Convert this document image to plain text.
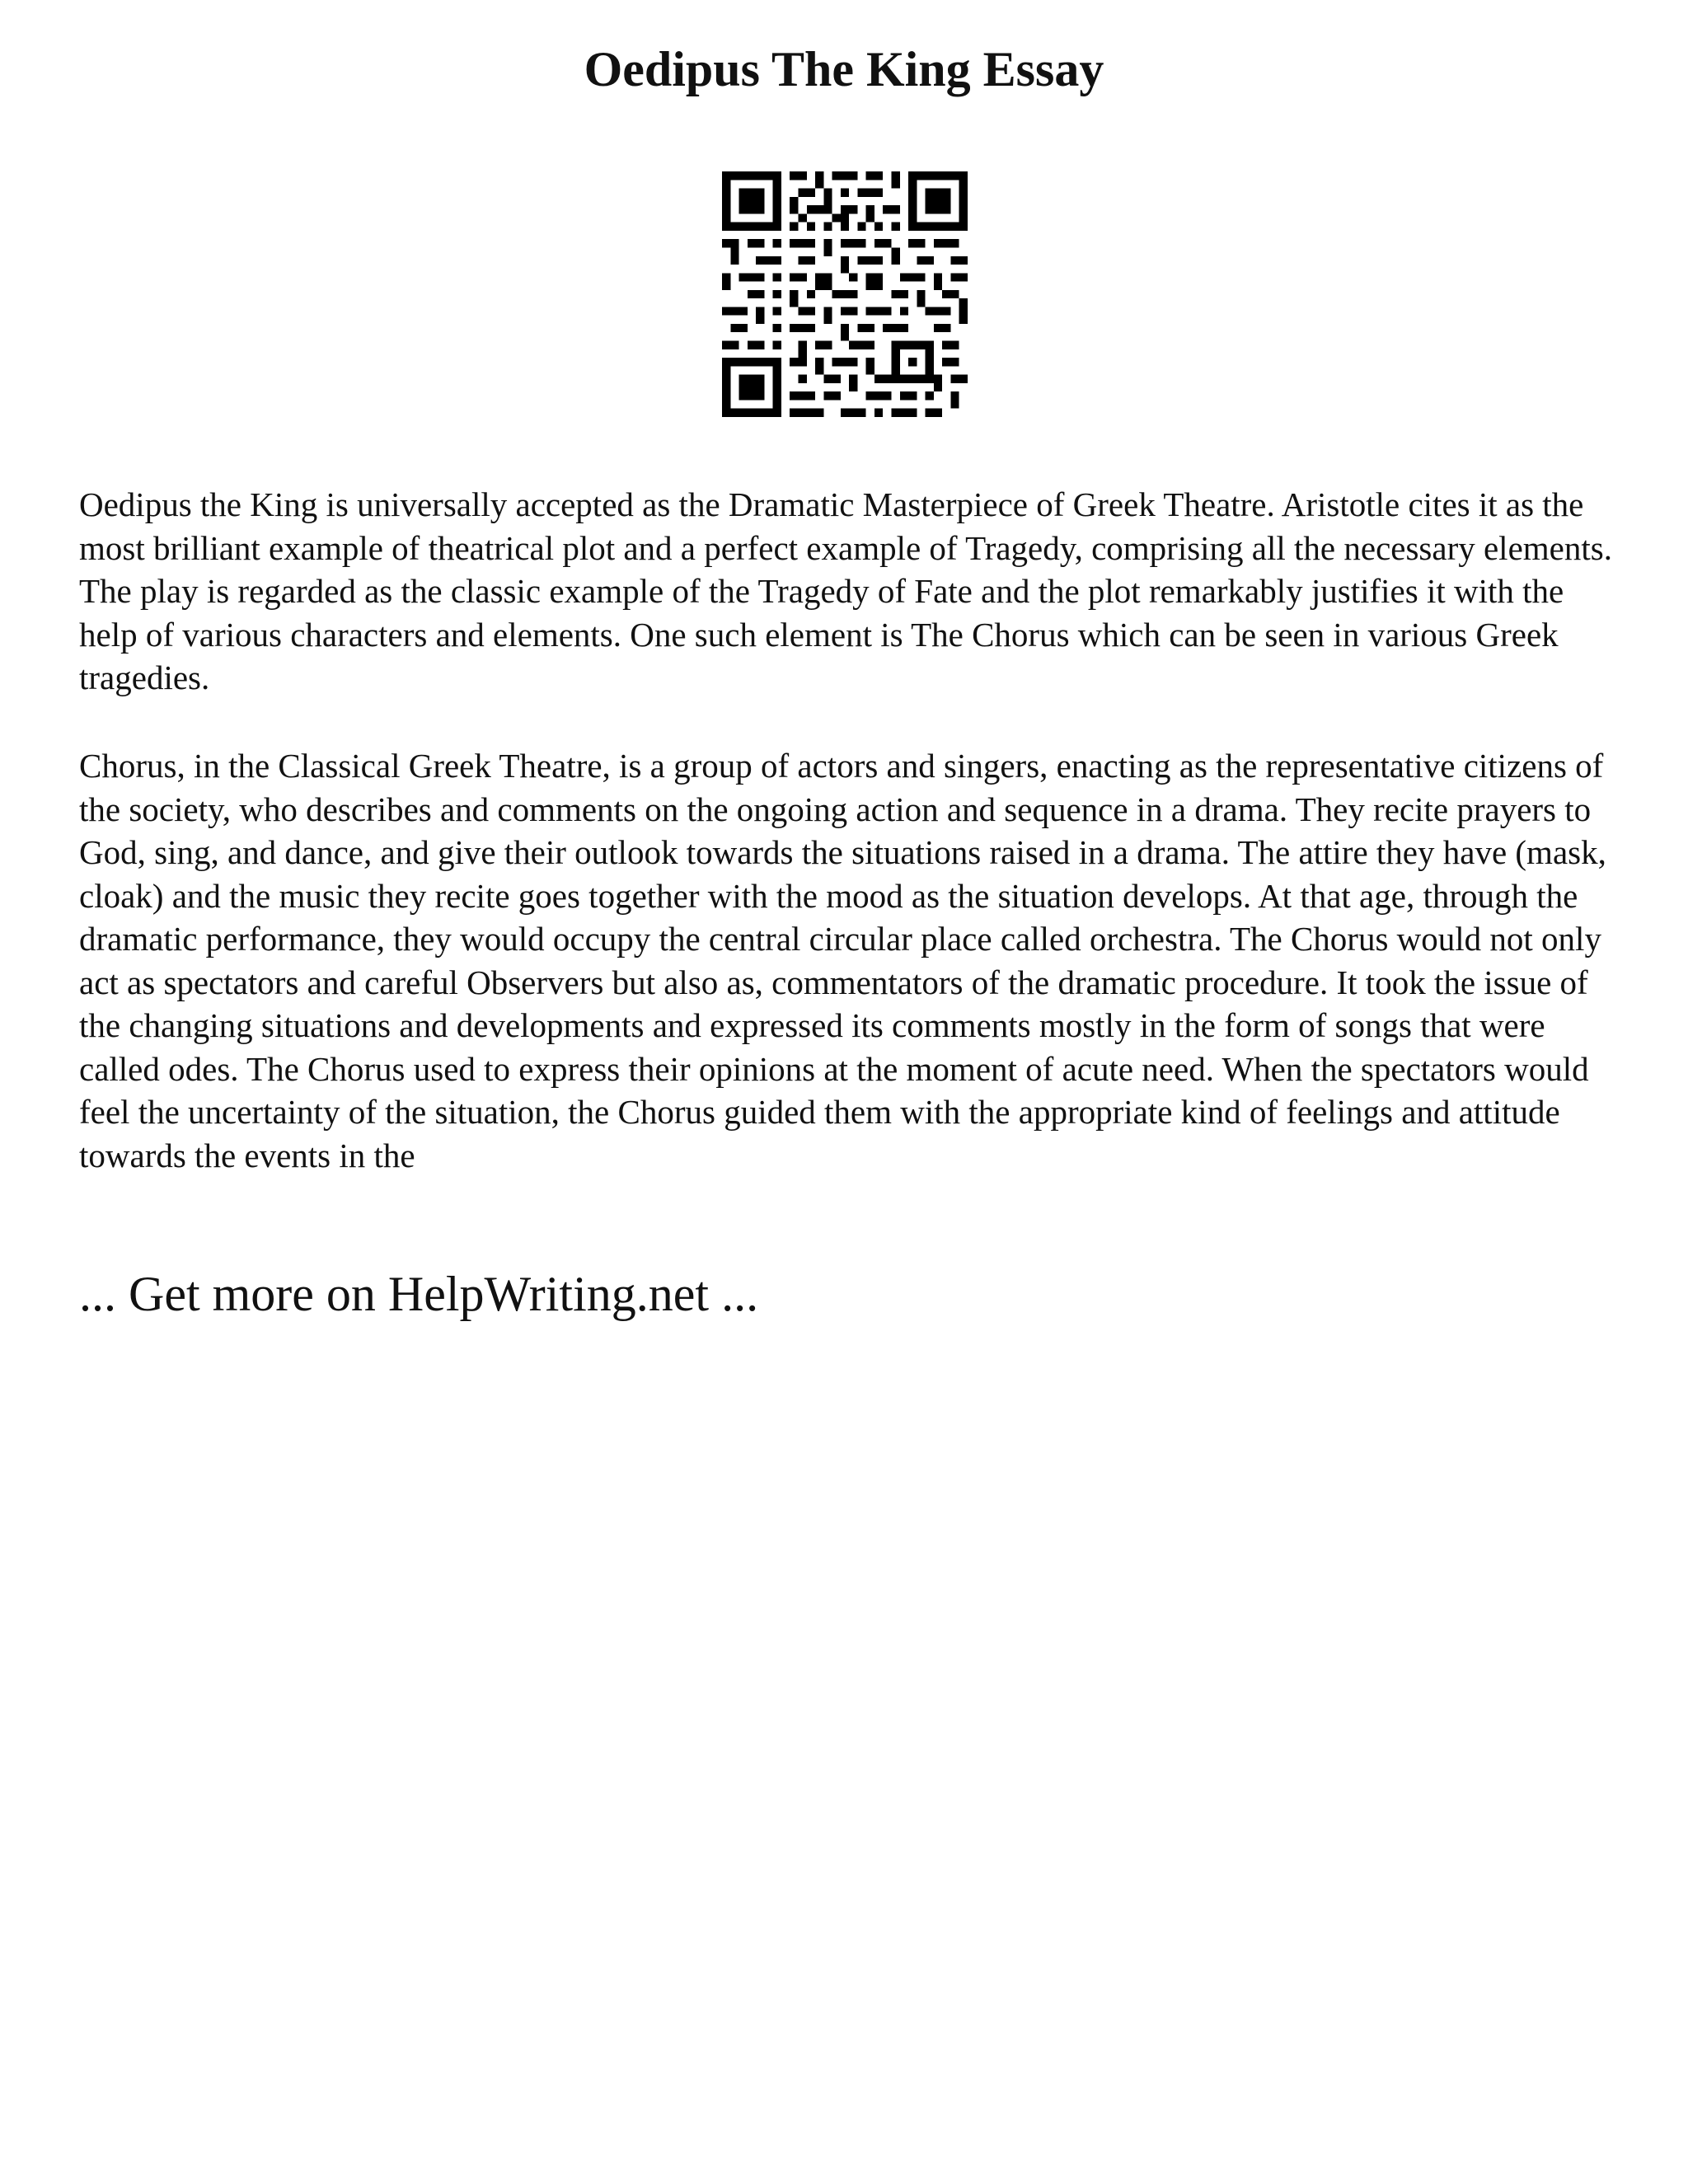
Oedipus The King Essay

Oedipus the King is universally accepted as the Dramatic Masterpiece of Greek Theatre. Aristotle cites it as the most brilliant example of theatrical plot and a perfect example of Tragedy, comprising all the necessary elements. The play is regarded as the classic example of the Tragedy of Fate and the plot remarkably justifies it with the help of various characters and elements. One such element is The Chorus which can be seen in various Greek tragedies.

Chorus, in the Classical Greek Theatre, is a group of actors and singers, enacting as the representative citizens of the society, who describes and comments on the ongoing action and sequence in a drama. They recite prayers to God, sing, and dance, and give their outlook towards the situations raised in a drama. The attire they have (mask, cloak) and the music they recite goes together with the mood as the situation develops. At that age, through the dramatic performance, they would occupy the central circular place called orchestra. The Chorus would not only act as spectators and careful Observers but also as, commentators of the dramatic procedure. It took the issue of the changing situations and developments and expressed its comments mostly in the form of songs that were called odes. The Chorus used to express their opinions at the moment of acute need. When the spectators would feel the uncertainty of the situation, the Chorus guided them with the appropriate kind of feelings and attitude towards the events in the

... Get more on HelpWriting.net ...
